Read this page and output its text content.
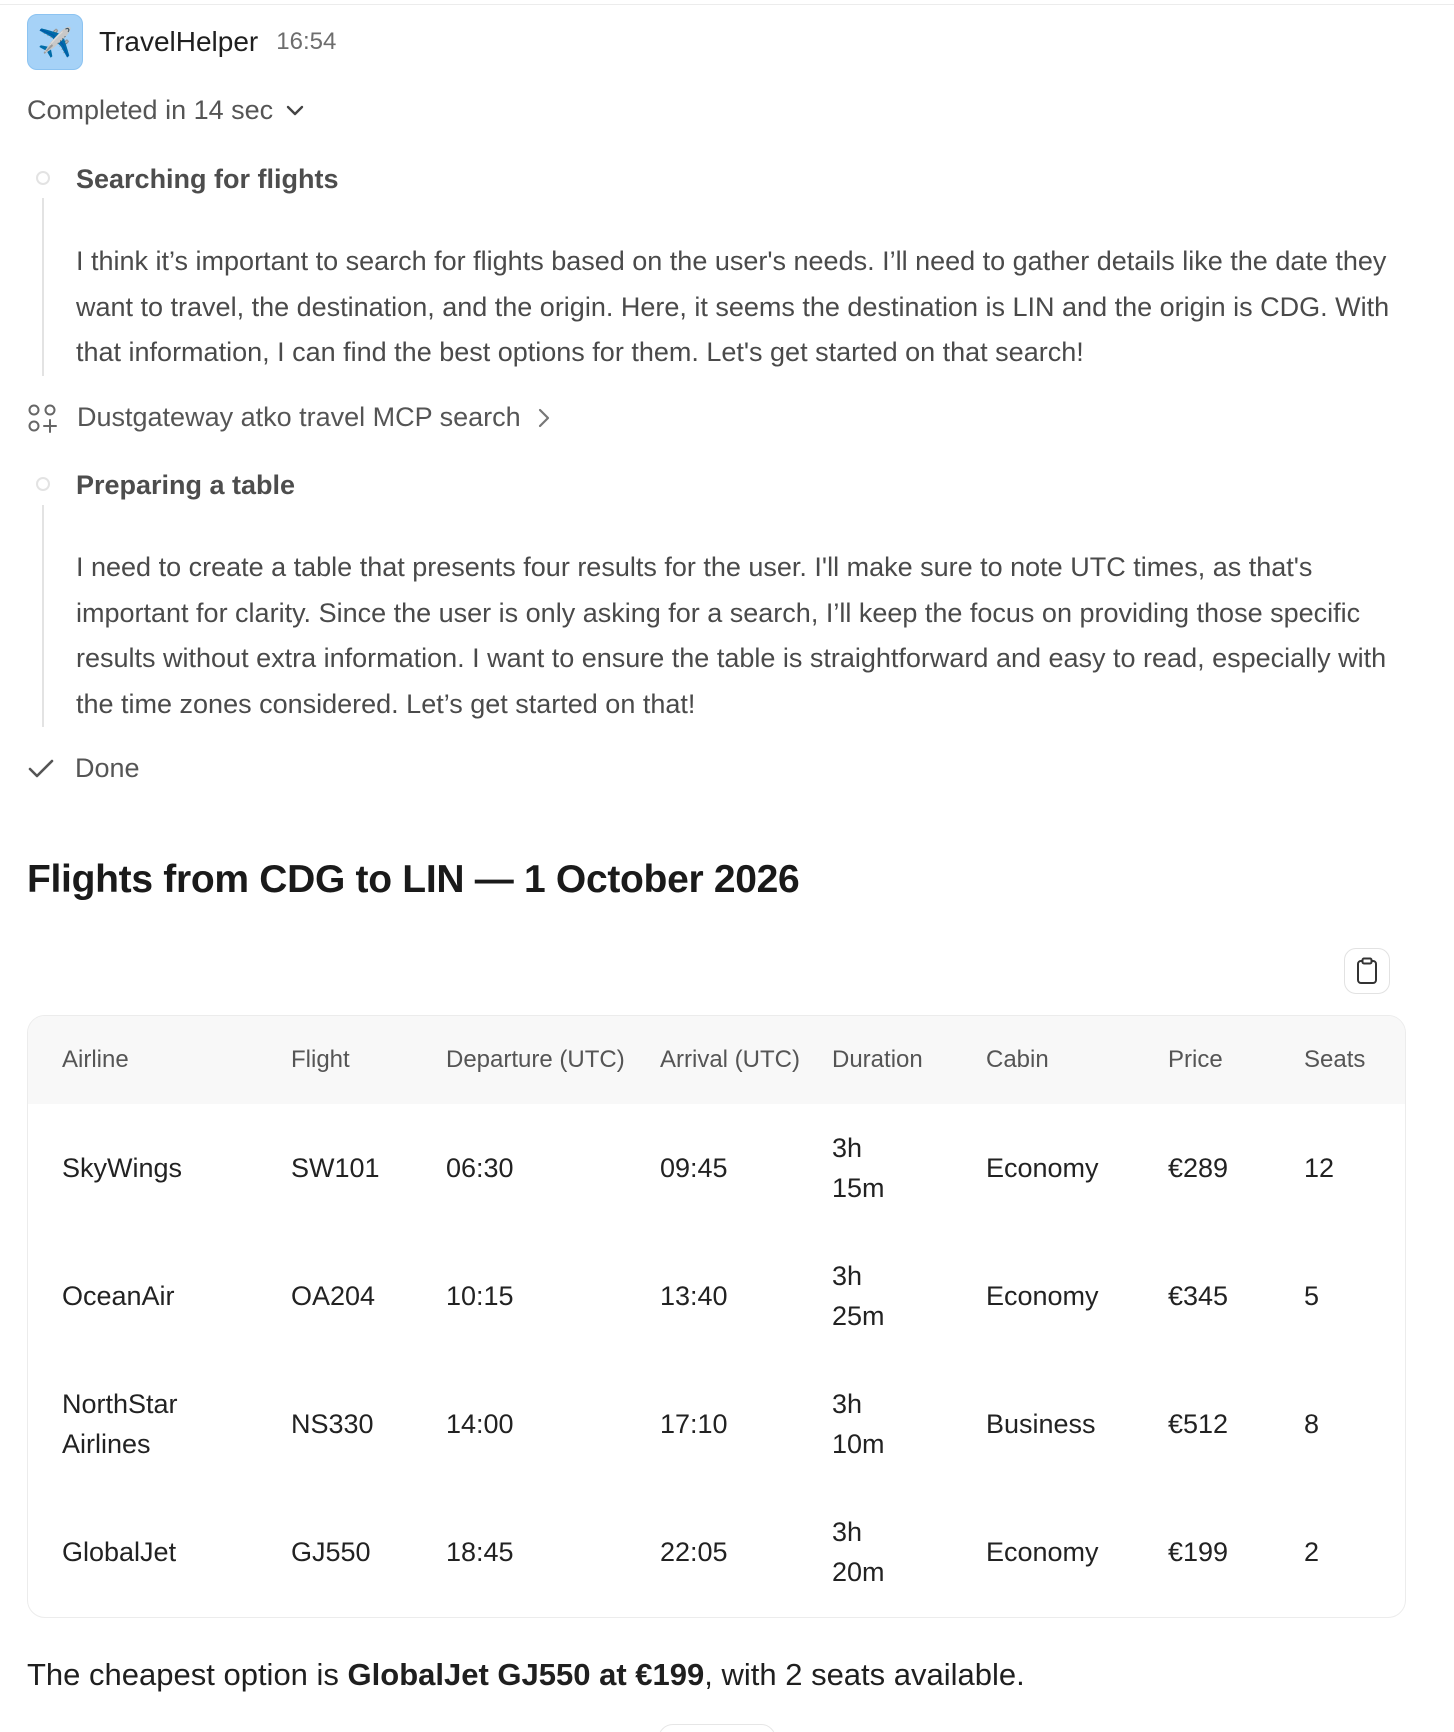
✈️ TravelHelper 16:54
Completed in 14 sec
Searching for flights
I think it’s important to search for flights based on the user's needs. I’ll need to gather details like the date they want to travel, the destination, and the origin. Here, it seems the destination is LIN and the origin is CDG. With that information, I can find the best options for them. Let's get started on that search!
Dustgateway atko travel MCP search
Preparing a table
I need to create a table that presents four results for the user. I'll make sure to note UTC times, as that's important for clarity. Since the user is only asking for a search, I’ll keep the focus on providing those specific results without extra information. I want to ensure the table is straightforward and easy to read, especially with the time zones considered. Let’s get started on that!
Done
Flights from CDG to LIN — 1 October 2026
Airline	Flight	Departure (UTC)	Arrival (UTC)	Duration	Cabin	Price	Seats
SkyWings	SW101	06:30	09:45	3h 15m	Economy	€289	12
OceanAir	OA204	10:15	13:40	3h 25m	Economy	€345	5

NorthStar Airlines	NS330	14:00	17:10	3h 10m	Business	€512	8
GlobalJet	GJ550	18:45	22:05	3h 20m	Economy	€199	2

The cheapest option is GlobalJet GJ550 at €199, with 2 seats available.
